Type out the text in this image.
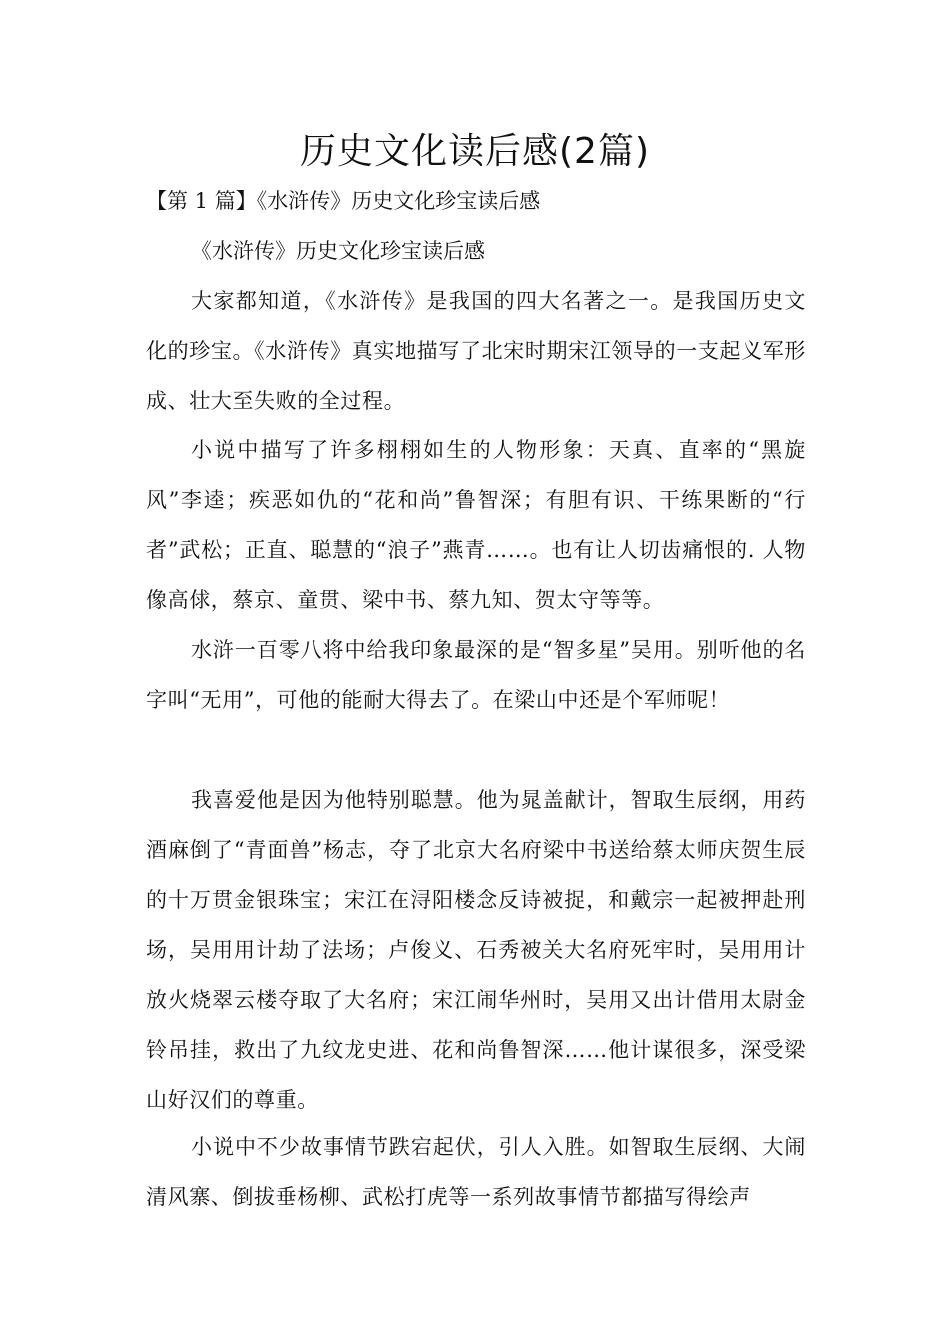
历史文化读后感(2篇)

【第 1 篇】《水浒传》历史文化珍宝读后感

《水浒传》历史文化珍宝读后感

大家都知道，《水浒传》是我国的四大名著之一。是我国历史文化的珍宝。《水浒传》真实地描写了北宋时期宋江领导的一支起义军形成、壮大至失败的全过程。

小说中描写了许多栩栩如生的人物形象：天真、直率的“黑旋风”李逵；疾恶如仇的“花和尚”鲁智深；有胆有识、干练果断的“行者”武松；正直、聪慧的“浪子”燕青……。也有让人切齿痛恨的. 人物像高俅，蔡京、童贯、梁中书、蔡九知、贺太守等等。

水浒一百零八将中给我印象最深的是“智多星”吴用。别听他的名字叫“无用”，可他的能耐大得去了。在梁山中还是个军师呢！

我喜爱他是因为他特别聪慧。他为晁盖献计，智取生辰纲，用药酒麻倒了“青面兽”杨志，夺了北京大名府梁中书送给蔡太师庆贺生辰的十万贯金银珠宝；宋江在浔阳楼念反诗被捉，和戴宗一起被押赴刑场，吴用用计劫了法场；卢俊义、石秀被关大名府死牢时，吴用用计放火烧翠云楼夺取了大名府；宋江闹华州时，吴用又出计借用太尉金铃吊挂，救出了九纹龙史进、花和尚鲁智深……他计谋很多，深受梁山好汉们的尊重。

小说中不少故事情节跌宕起伏，引人入胜。如智取生辰纲、大闹清风寨、倒拔垂杨柳、武松打虎等一系列故事情节都描写得绘声
